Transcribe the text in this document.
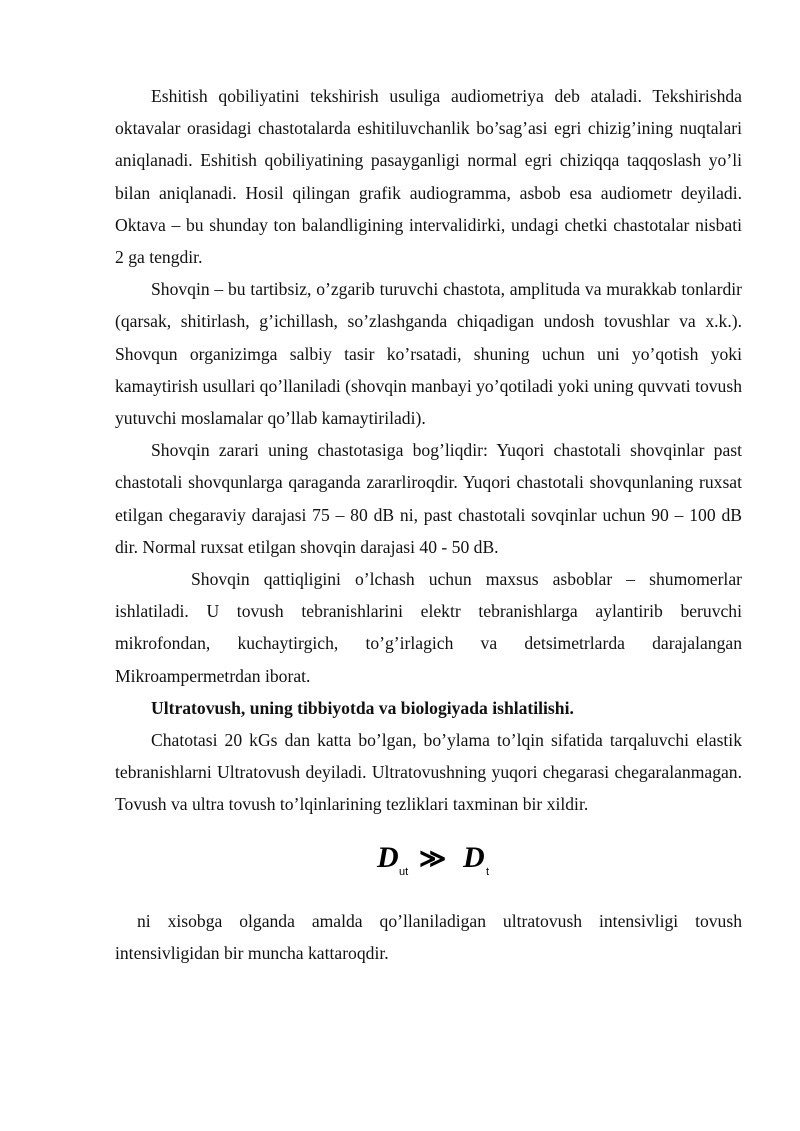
Eshitish qobiliyatini tekshirish usuliga audiometriya deb ataladi. Tekshirishda oktavalar orasidagi chastotalarda eshitiluvchanlik bo’sag’asi egri chizig’ining nuqtalari aniqlanadi. Eshitish qobiliyatining pasayganligi normal egri chiziqqa taqqoslash yo’li bilan aniqlanadi. Hosil qilingan grafik audiogramma, asbob esa audiometr deyiladi. Oktava – bu shunday ton balandligining intervalidirki, undagi chetki chastotalar nisbati 2 ga tengdir.

Shovqin – bu tartibsiz, o’zgarib turuvchi chastota, amplituda va murakkab tonlardir (qarsak, shitirlash, g’ichillash, so’zlashganda chiqadigan undosh tovushlar va x.k.). Shovqun organizimga salbiy tasir ko’rsatadi, shuning uchun uni yo’qotish yoki kamaytirish usullari qo’llaniladi (shovqin manbayi yo’qotiladi yoki uning quvvati tovush yutuvchi moslamalar qo’llab kamaytiriladi).

Shovqin zarari uning chastotasiga bog’liqdir: Yuqori chastotali shovqinlar past chastotali shovqunlarga qaraganda zararliroqdir. Yuqori chastotali shovqunlaning ruxsat etilgan chegaraviy darajasi 75 – 80 dB ni, past chastotali sovqinlar uchun 90 – 100 dB dir. Normal ruxsat etilgan shovqin darajasi 40 - 50 dB.

Shovqin qattiqligini o’lchash uchun maxsus asboblar – shumomerlar ishlatiladi. U tovush tebranishlarini elektr tebranishlarga aylantirib beruvchi mikrofondan, kuchaytirgich, to’g’irlagich va detsimetrlarda darajalangan Mikroampermetrdan iborat.

Ultratovush, uning tibbiyotda va biologiyada ishlatilishi.

Chatotasi 20 kGs dan katta bo’lgan, bo’ylama to’lqin sifatida tarqaluvchi elastik tebranishlarni Ultratovush deyiladi. Ultratovushning yuqori chegarasi chegaralanmagan. Tovush va ultra tovush to’lqinlarining tezliklari taxminan bir xildir.

D ut ≫ D t

ni xisobga olganda amalda qo’llaniladigan ultratovush intensivligi tovush intensivligidan bir muncha kattaroqdir.
